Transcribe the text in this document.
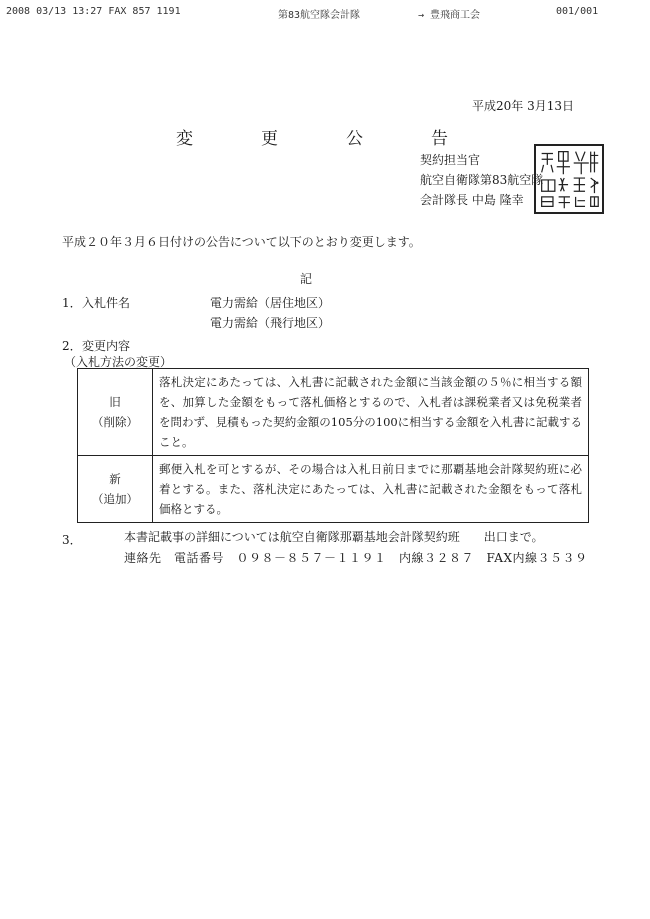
2008 03/13 13:27 FAX 857 1191	第83航空隊会計隊	→ 豊飛商工会	001/001
平成20年 3月13日
変	更	公	告
契約担当官
航空自衛隊第83航空隊
会計隊長 中島 隆幸
平成２０年３月６日付けの公告について以下のとおり変更します。
記
1． 入札件名	電力需給（居住地区）
電力需給（飛行地区）
2． 変更内容
（入札方法の変更）
旧
（削除）	落札決定にあたっては、入札書に記載された金額に当該金額の５％に相当する額を、加算した金額をもって落札価格とするので、入札者は課税業者又は免税業者を問わず、見積もった契約金額の105分の100に相当する金額を入札書に記載すること。

新
（追加）	郵便入札を可とするが、その場合は入札日前日までに那覇基地会計隊契約班に必着とする。また、落札決定にあたっては、入札書に記載された金額をもって落札価格とする。
3．	本書記載事の詳細については航空自衛隊那覇基地会計隊契約班　　出口まで。
連絡先　電話番号　０９８－８５７－１１９１　内線３２８７　FAX内線３５３９
